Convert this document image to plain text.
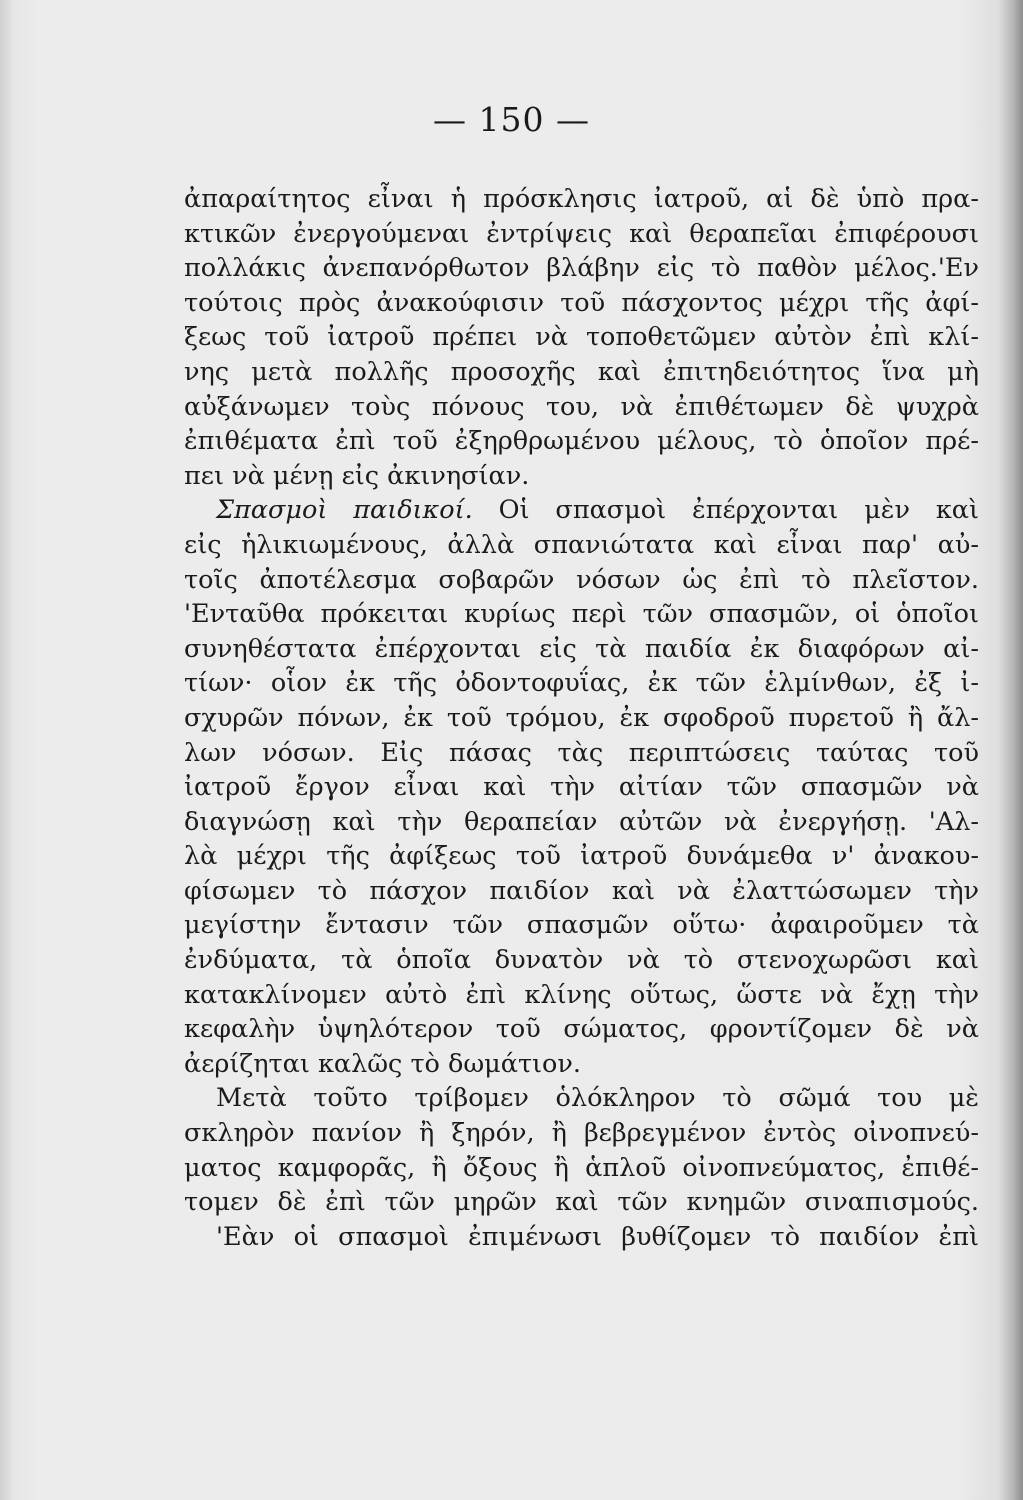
— 150 —
ἀπαραίτητος εἶναι ἡ πρόσκλησις ἰατροῦ, αἱ δὲ ὑπὸ πρα-
κτικῶν ἐνεργούμεναι ἐντρίψεις καὶ θεραπεῖαι ἐπιφέρουσι
πολλάκις ἀνεπανόρθωτον βλάβην εἰς τὸ παθὸν μέλος.'Εν
τούτοις πρὸς ἀνακούφισιν τοῦ πάσχοντος μέχρι τῆς ἀφί-
ξεως τοῦ ἰατροῦ πρέπει νὰ τοποθετῶμεν αὐτὸν ἐπὶ κλί-
νης μετὰ πολλῆς προσοχῆς καὶ ἐπιτηδειότητος ἵνα μὴ
αὐξάνωμεν τοὺς πόνους του, νὰ ἐπιθέτωμεν δὲ ψυχρὰ
ἐπιθέματα ἐπὶ τοῦ ἐξηρθρωμένου μέλους, τὸ ὁποῖον πρέ-
πει νὰ μένῃ εἰς ἀκινησίαν.
Σπασμοὶ παιδικοί. Οἱ σπασμοὶ ἐπέρχονται μὲν καὶ
εἰς ἡλικιωμένους, ἀλλὰ σπανιώτατα καὶ εἶναι παρ' αὐ-
τοῖς ἀποτέλεσμα σοβαρῶν νόσων ὡς ἐπὶ τὸ πλεῖστον.
'Ενταῦθα πρόκειται κυρίως περὶ τῶν σπασμῶν, οἱ ὁποῖοι
συνηθέστατα ἐπέρχονται εἰς τὰ παιδία ἐκ διαφόρων αἰ-
τίων· οἷον ἐκ τῆς ὀδοντοφυΐας, ἐκ τῶν ἑλμίνθων, ἐξ ἰ-
σχυρῶν πόνων, ἐκ τοῦ τρόμου, ἐκ σφοδροῦ πυρετοῦ ἢ ἄλ-
λων νόσων. Εἰς πάσας τὰς περιπτώσεις ταύτας τοῦ
ἰατροῦ ἔργον εἶναι καὶ τὴν αἰτίαν τῶν σπασμῶν νὰ
διαγνώσῃ καὶ τὴν θεραπείαν αὐτῶν νὰ ἐνεργήσῃ. 'Αλ-
λὰ μέχρι τῆς ἀφίξεως τοῦ ἰατροῦ δυνάμεθα ν' ἀνακου-
φίσωμεν τὸ πάσχον παιδίον καὶ νὰ ἐλαττώσωμεν τὴν
μεγίστην ἔντασιν τῶν σπασμῶν οὕτω· ἀφαιροῦμεν τὰ
ἐνδύματα, τὰ ὁποῖα δυνατὸν νὰ τὸ στενοχωρῶσι καὶ
κατακλίνομεν αὐτὸ ἐπὶ κλίνης οὕτως, ὥστε νὰ ἔχῃ τὴν
κεφαλὴν ὑψηλότερον τοῦ σώματος, φροντίζομεν δὲ νὰ
ἀερίζηται καλῶς τὸ δωμάτιον.
Μετὰ τοῦτο τρίβομεν ὁλόκληρον τὸ σῶμά του μὲ
σκληρὸν πανίον ἢ ξηρόν, ἢ βεβρεγμένον ἐντὸς οἰνοπνεύ-
ματος καμφορᾶς, ἢ ὄξους ἢ ἁπλοῦ οἰνοπνεύματος, ἐπιθέ-
τομεν δὲ ἐπὶ τῶν μηρῶν καὶ τῶν κνημῶν σιναπισμούς.
'Εὰν οἱ σπασμοὶ ἐπιμένωσι βυθίζομεν τὸ παιδίον ἐπὶ
